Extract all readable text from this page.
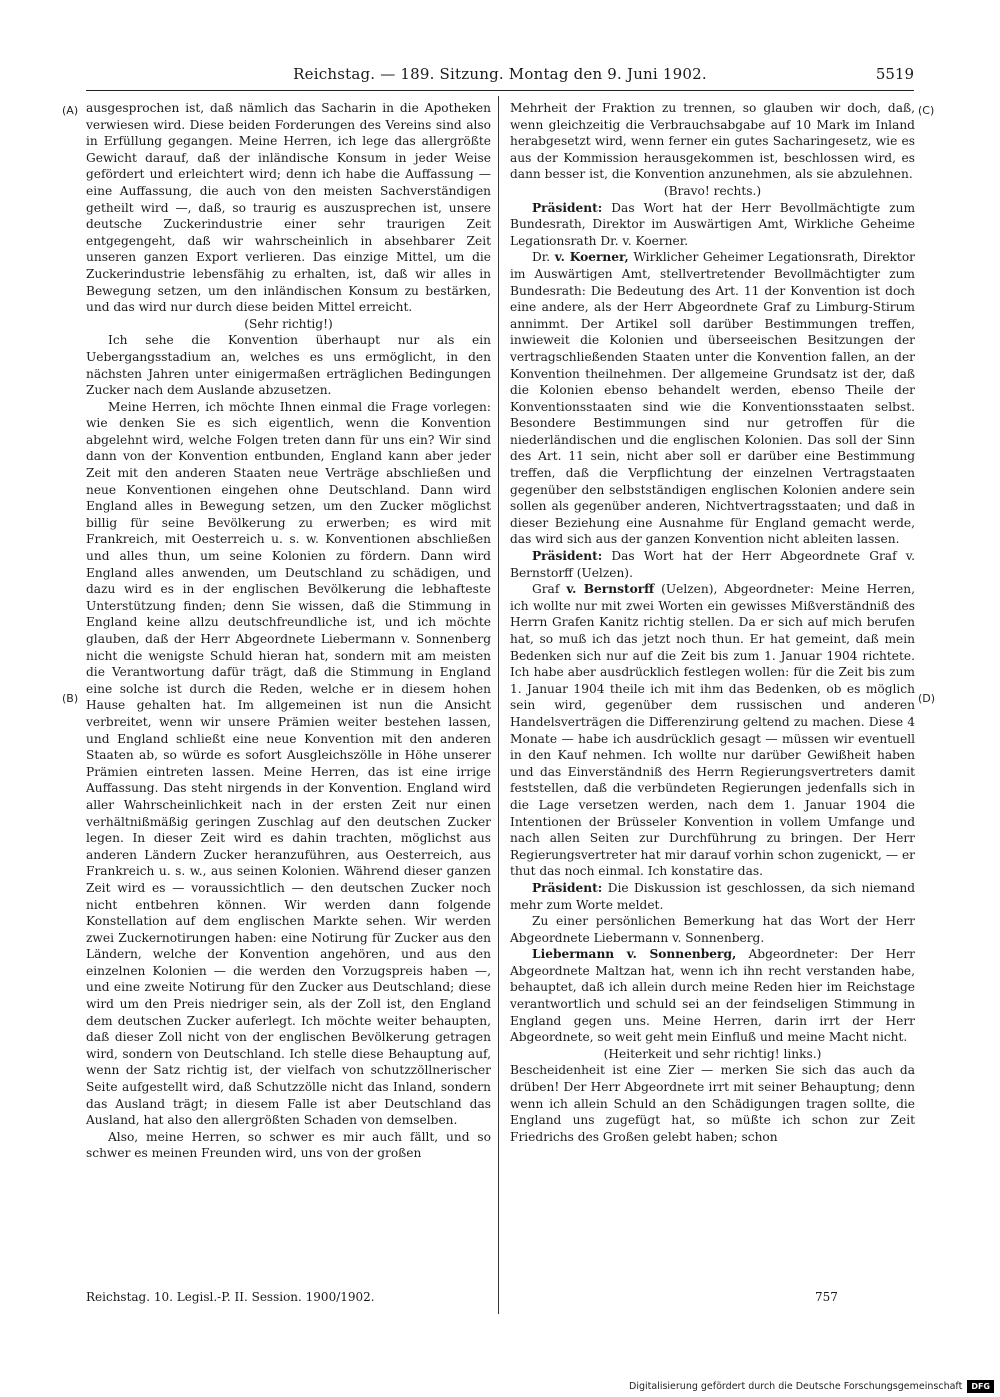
Reichstag. — 189. Sitzung. Montag den 9. Juni 1902.	5519
(A)
(B)
(C)
(D)

ausgesprochen ist, daß nämlich das Sacharin in die Apotheken verwiesen wird. Diese beiden Forderungen des Vereins sind also in Erfüllung gegangen. Meine Herren, ich lege das allergrößte Gewicht darauf, daß der inländische Konsum in jeder Weise gefördert und erleichtert wird; denn ich habe die Auffassung — eine Auffassung, die auch von den meisten Sachverständigen getheilt wird —, daß, so traurig es auszusprechen ist, unsere deutsche Zuckerindustrie einer sehr traurigen Zeit entgegengeht, daß wir wahrscheinlich in absehbarer Zeit unseren ganzen Export verlieren. Das einzige Mittel, um die Zuckerindustrie lebensfähig zu erhalten, ist, daß wir alles in Bewegung setzen, um den inländischen Konsum zu bestärken, und das wird nur durch diese beiden Mittel erreicht.

(Sehr richtig!)

Ich sehe die Konvention überhaupt nur als ein Uebergangsstadium an, welches es uns ermöglicht, in den nächsten Jahren unter einigermaßen erträglichen Bedingungen Zucker nach dem Auslande abzusetzen.

Meine Herren, ich möchte Ihnen einmal die Frage vorlegen: wie denken Sie es sich eigentlich, wenn die Konvention abgelehnt wird, welche Folgen treten dann für uns ein? Wir sind dann von der Konvention entbunden, England kann aber jeder Zeit mit den anderen Staaten neue Verträge abschließen und neue Konventionen eingehen ohne Deutschland. Dann wird England alles in Bewegung setzen, um den Zucker möglichst billig für seine Bevölkerung zu erwerben; es wird mit Frankreich, mit Oesterreich u. s. w. Konventionen abschließen und alles thun, um seine Kolonien zu fördern. Dann wird England alles anwenden, um Deutschland zu schädigen, und dazu wird es in der englischen Bevölkerung die lebhafteste Unterstützung finden; denn Sie wissen, daß die Stimmung in England keine allzu deutschfreundliche ist, und ich möchte glauben, daß der Herr Abgeordnete Liebermann v. Sonnenberg nicht die wenigste Schuld hieran hat, sondern mit am meisten die Verantwortung dafür trägt, daß die Stimmung in England eine solche ist durch die Reden, welche er in diesem hohen Hause gehalten hat. Im allgemeinen ist nun die Ansicht verbreitet, wenn wir unsere Prämien weiter bestehen lassen, und England schließt eine neue Konvention mit den anderen Staaten ab, so würde es sofort Ausgleichszölle in Höhe unserer Prämien eintreten lassen. Meine Herren, das ist eine irrige Auffassung. Das steht nirgends in der Konvention. England wird aller Wahrscheinlichkeit nach in der ersten Zeit nur einen verhältnißmäßig geringen Zuschlag auf den deutschen Zucker legen. In dieser Zeit wird es dahin trachten, möglichst aus anderen Ländern Zucker heranzuführen, aus Oesterreich, aus Frankreich u. s. w., aus seinen Kolonien. Während dieser ganzen Zeit wird es — voraussichtlich — den deutschen Zucker noch nicht entbehren können. Wir werden dann folgende Konstellation auf dem englischen Markte sehen. Wir werden zwei Zuckernotirungen haben: eine Notirung für Zucker aus den Ländern, welche der Konvention angehören, und aus den einzelnen Kolonien — die werden den Vorzugspreis haben —, und eine zweite Notirung für den Zucker aus Deutschland; diese wird um den Preis niedriger sein, als der Zoll ist, den England dem deutschen Zucker auferlegt. Ich möchte weiter behaupten, daß dieser Zoll nicht von der englischen Bevölkerung getragen wird, sondern von Deutschland. Ich stelle diese Behauptung auf, wenn der Satz richtig ist, der vielfach von schutzzöllnerischer Seite aufgestellt wird, daß Schutzzölle nicht das Inland, sondern das Ausland trägt; in diesem Falle ist aber Deutschland das Ausland, hat also den allergrößten Schaden von demselben.

Also, meine Herren, so schwer es mir auch fällt, und so schwer es meinen Freunden wird, uns von der großen

Mehrheit der Fraktion zu trennen, so glauben wir doch, daß, wenn gleichzeitig die Verbrauchsabgabe auf 10 Mark im Inland herabgesetzt wird, wenn ferner ein gutes Sacharingesetz, wie es aus der Kommission herausgekommen ist, beschlossen wird, es dann besser ist, die Konvention anzunehmen, als sie abzulehnen.

(Bravo! rechts.)

Präsident: Das Wort hat der Herr Bevollmächtigte zum Bundesrath, Direktor im Auswärtigen Amt, Wirkliche Geheime Legationsrath Dr. v. Koerner.

Dr. v. Koerner, Wirklicher Geheimer Legationsrath, Direktor im Auswärtigen Amt, stellvertretender Bevollmächtigter zum Bundesrath: Die Bedeutung des Art. 11 der Konvention ist doch eine andere, als der Herr Abgeordnete Graf zu Limburg-Stirum annimmt. Der Artikel soll darüber Bestimmungen treffen, inwieweit die Kolonien und überseeischen Besitzungen der vertragschließenden Staaten unter die Konvention fallen, an der Konvention theilnehmen. Der allgemeine Grundsatz ist der, daß die Kolonien ebenso behandelt werden, ebenso Theile der Konventionsstaaten sind wie die Konventionsstaaten selbst. Besondere Bestimmungen sind nur getroffen für die niederländischen und die englischen Kolonien. Das soll der Sinn des Art. 11 sein, nicht aber soll er darüber eine Bestimmung treffen, daß die Verpflichtung der einzelnen Vertragstaaten gegenüber den selbstständigen englischen Kolonien andere sein sollen als gegenüber anderen, Nichtvertragsstaaten; und daß in dieser Beziehung eine Ausnahme für England gemacht werde, das wird sich aus der ganzen Konvention nicht ableiten lassen.

Präsident: Das Wort hat der Herr Abgeordnete Graf v. Bernstorff (Uelzen).

Graf v. Bernstorff (Uelzen), Abgeordneter: Meine Herren, ich wollte nur mit zwei Worten ein gewisses Mißverständniß des Herrn Grafen Kanitz richtig stellen. Da er sich auf mich berufen hat, so muß ich das jetzt noch thun. Er hat gemeint, daß mein Bedenken sich nur auf die Zeit bis zum 1. Januar 1904 richtete. Ich habe aber ausdrücklich festlegen wollen: für die Zeit bis zum 1. Januar 1904 theile ich mit ihm das Bedenken, ob es möglich sein wird, gegenüber dem russischen und anderen Handelsverträgen die Differenzirung geltend zu machen. Diese 4 Monate — habe ich ausdrücklich gesagt — müssen wir eventuell in den Kauf nehmen. Ich wollte nur darüber Gewißheit haben und das Einverständniß des Herrn Regierungsvertreters damit feststellen, daß die verbündeten Regierungen jedenfalls sich in die Lage versetzen werden, nach dem 1. Januar 1904 die Intentionen der Brüsseler Konvention in vollem Umfange und nach allen Seiten zur Durchführung zu bringen. Der Herr Regierungsvertreter hat mir darauf vorhin schon zugenickt, — er thut das noch einmal. Ich konstatire das.

Präsident: Die Diskussion ist geschlossen, da sich niemand mehr zum Worte meldet.

Zu einer persönlichen Bemerkung hat das Wort der Herr Abgeordnete Liebermann v. Sonnenberg.

Liebermann v. Sonnenberg, Abgeordneter: Der Herr Abgeordnete Maltzan hat, wenn ich ihn recht verstanden habe, behauptet, daß ich allein durch meine Reden hier im Reichstage verantwortlich und schuld sei an der feindseligen Stimmung in England gegen uns. Meine Herren, darin irrt der Herr Abgeordnete, so weit geht mein Einfluß und meine Macht nicht.

(Heiterkeit und sehr richtig! links.)

Bescheidenheit ist eine Zier — merken Sie sich das auch da drüben! Der Herr Abgeordnete irrt mit seiner Behauptung; denn wenn ich allein Schuld an den Schädigungen tragen sollte, die England uns zugefügt hat, so müßte ich schon zur Zeit Friedrichs des Großen gelebt haben; schon

Reichstag. 10. Legisl.-P. II. Session. 1900/1902.	757
Digitalisierung gefördert durch die Deutsche Forschungsgemeinschaft	DFG
